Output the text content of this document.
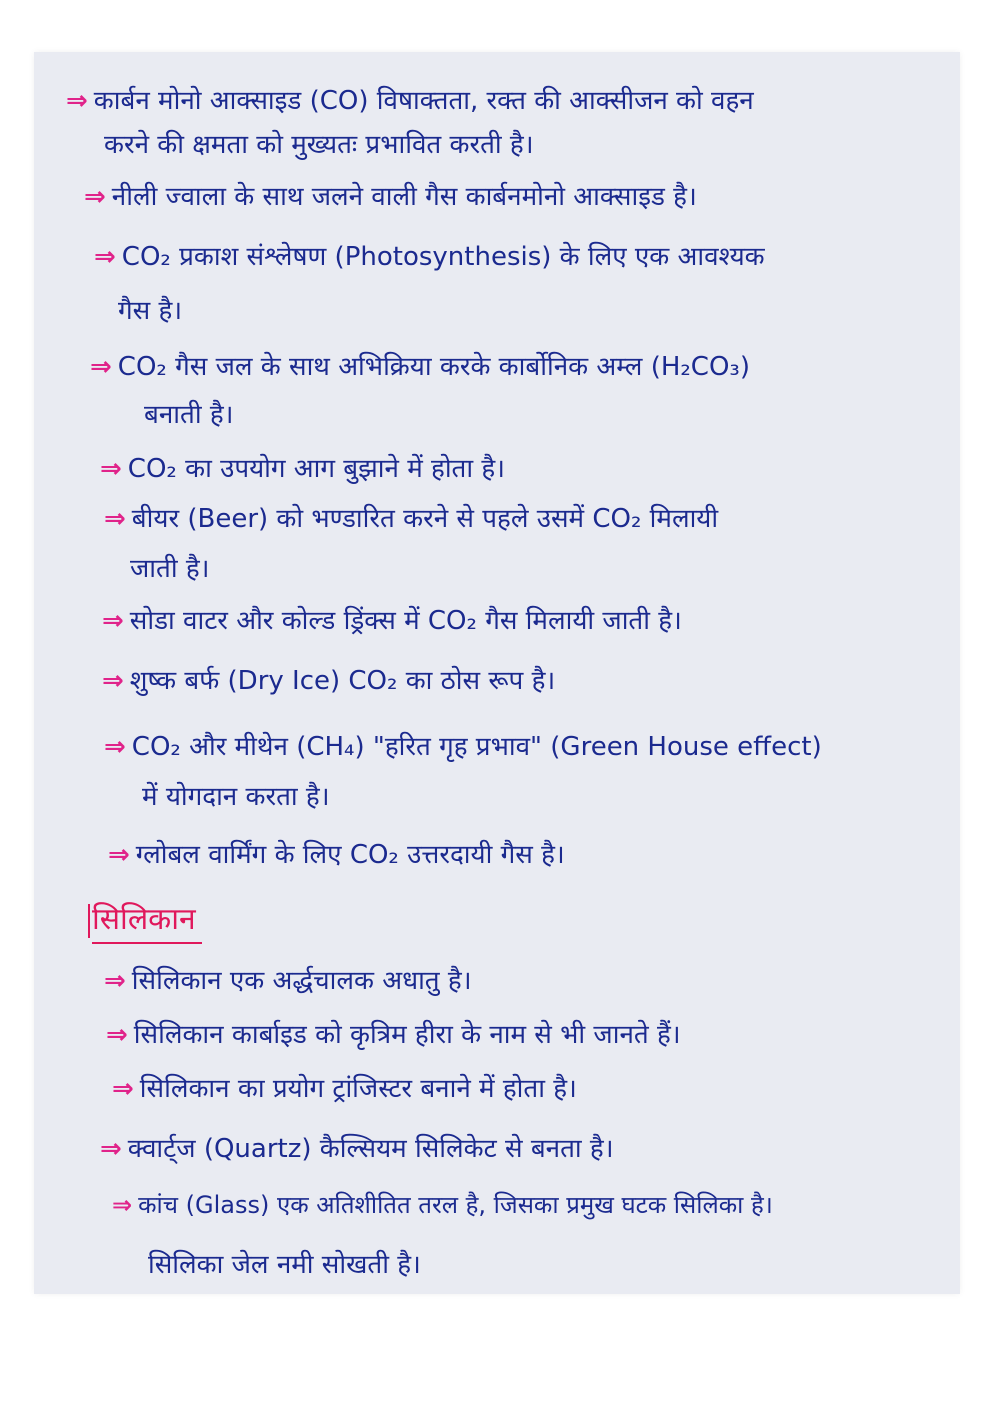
⇒ कार्बन मोनो आक्साइड (CO) विषाक्तता, रक्त की आक्सीजन को वहन
करने की क्षमता को मुख्यतः प्रभावित करती है।
⇒ नीली ज्वाला के साथ जलने वाली गैस कार्बनमोनो आक्साइड है।
⇒ CO₂ प्रकाश संश्लेषण (Photosynthesis) के लिए एक आवश्यक
गैस है।
⇒ CO₂ गैस जल के साथ अभिक्रिया करके कार्बोनिक अम्ल (H₂CO₃)
बनाती है।
⇒ CO₂ का उपयोग आग बुझाने में होता है।
⇒ बीयर (Beer) को भण्डारित करने से पहले उसमें CO₂ मिलायी
जाती है।
⇒ सोडा वाटर और कोल्ड ड्रिंक्स में CO₂ गैस मिलायी जाती है।
⇒ शुष्क बर्फ (Dry Ice) CO₂ का ठोस रूप है।
⇒ CO₂ और मीथेन (CH₄) "हरित गृह प्रभाव" (Green House effect)
में योगदान करता है।
⇒ ग्लोबल वार्मिंग के लिए CO₂ उत्तरदायी गैस है।
सिलिकान
⇒ सिलिकान एक अर्द्धचालक अधातु है।
⇒ सिलिकान कार्बाइड को कृत्रिम हीरा के नाम से भी जानते हैं।
⇒ सिलिकान का प्रयोग ट्रांजिस्टर बनाने में होता है।
⇒ क्वार्ट्ज (Quartz) कैल्सियम सिलिकेट से बनता है।
⇒ कांच (Glass) एक अतिशीतित तरल है, जिसका प्रमुख घटक सिलिका है।
सिलिका जेल नमी सोखती है।
